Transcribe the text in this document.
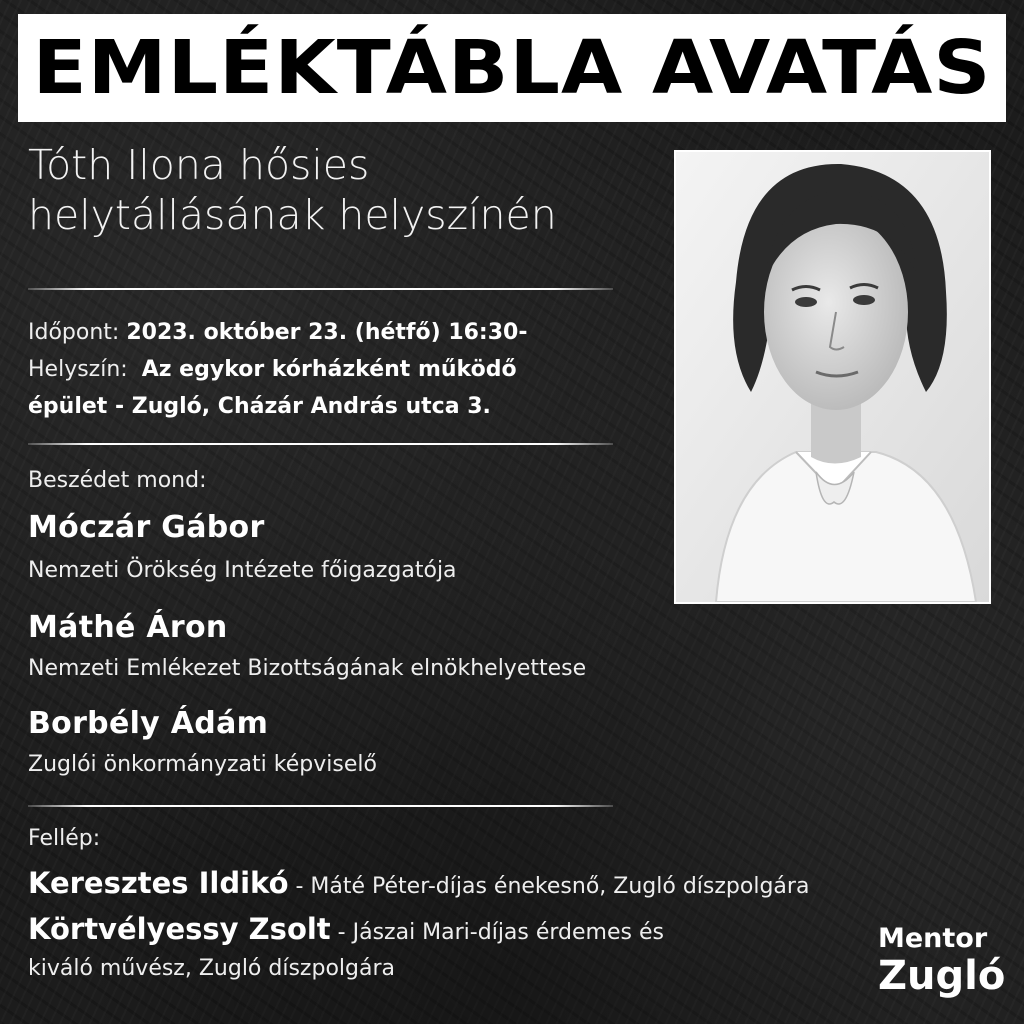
EMLÉKTÁBLA AVATÁS
Tóth Ilona hősies
helytállásának helyszínén
Időpont: 2023. október 23. (hétfő) 16:30-
Helyszín: Az egykor kórházként működő
épület - Zugló, Cházár András utca 3.
Beszédet mond:
Móczár Gábor
Nemzeti Örökség Intézete főigazgatója
Máthé Áron
Nemzeti Emlékezet Bizottságának elnökhelyettese
Borbély Ádám
Zuglói önkormányzati képviselő
Fellép:
Keresztes Ildikó - Máté Péter-díjas énekesnő, Zugló díszpolgára
Körtvélyessy Zsolt - Jászai Mari-díjas érdemes és
kiváló művész, Zugló díszpolgára
Mentor
Zugló
